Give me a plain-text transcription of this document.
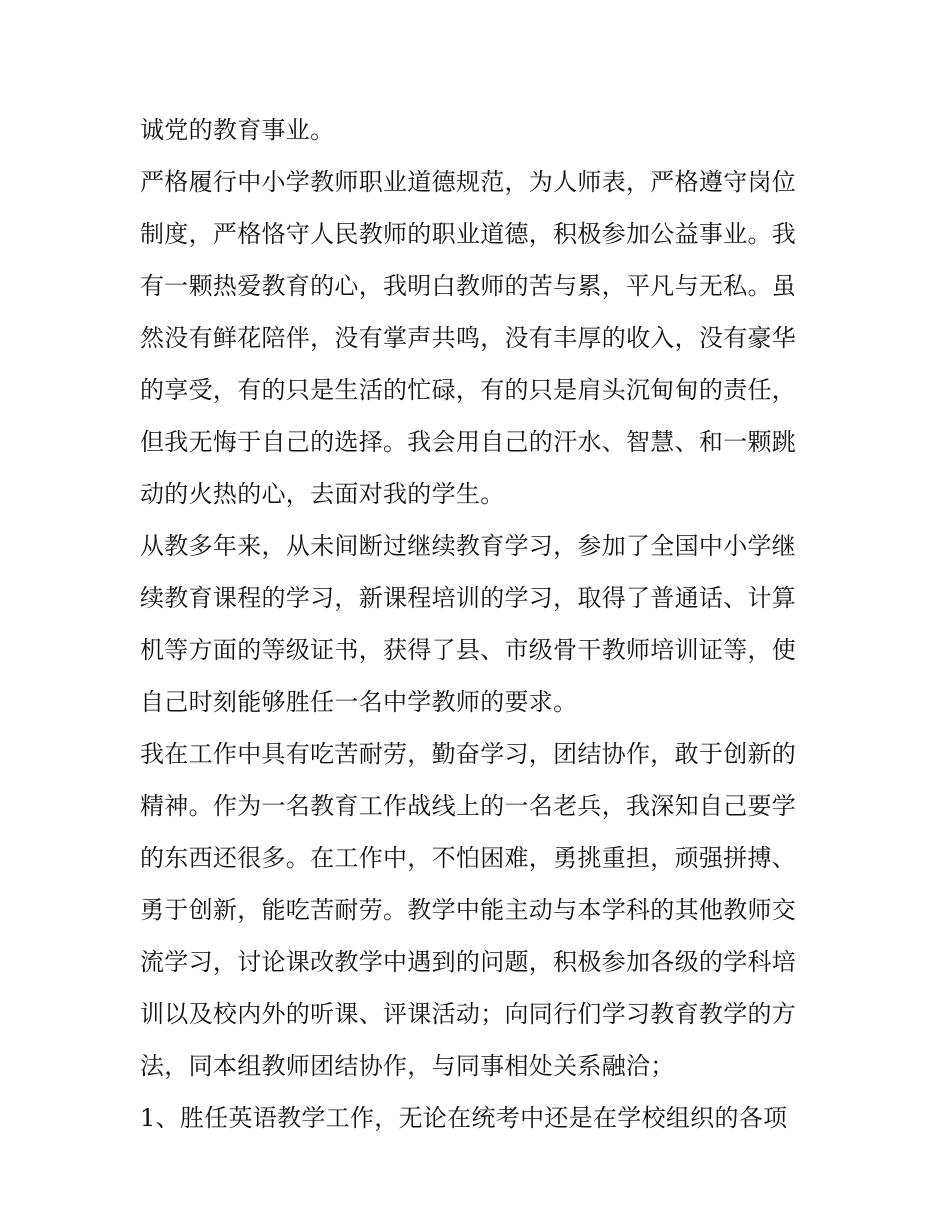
诚党的教育事业。
严格履行中小学教师职业道德规范，为人师表，严格遵守岗位
制度，严格恪守人民教师的职业道德，积极参加公益事业。我
有一颗热爱教育的心，我明白教师的苦与累，平凡与无私。虽
然没有鲜花陪伴，没有掌声共鸣，没有丰厚的收入，没有豪华
的享受，有的只是生活的忙碌，有的只是肩头沉甸甸的责任，
但我无悔于自己的选择。我会用自己的汗水、智慧、和一颗跳
动的火热的心，去面对我的学生。
从教多年来，从未间断过继续教育学习，参加了全国中小学继
续教育课程的学习，新课程培训的学习，取得了普通话、计算
机等方面的等级证书，获得了县、市级骨干教师培训证等，使
自己时刻能够胜任一名中学教师的要求。
我在工作中具有吃苦耐劳，勤奋学习，团结协作，敢于创新的
精神。作为一名教育工作战线上的一名老兵，我深知自己要学
的东西还很多。在工作中，不怕困难，勇挑重担，顽强拼搏、
勇于创新，能吃苦耐劳。教学中能主动与本学科的其他教师交
流学习，讨论课改教学中遇到的问题，积极参加各级的学科培
训以及校内外的听课、评课活动；向同行们学习教育教学的方
法，同本组教师团结协作，与同事相处关系融洽；
1、胜任英语教学工作，无论在统考中还是在学校组织的各项
